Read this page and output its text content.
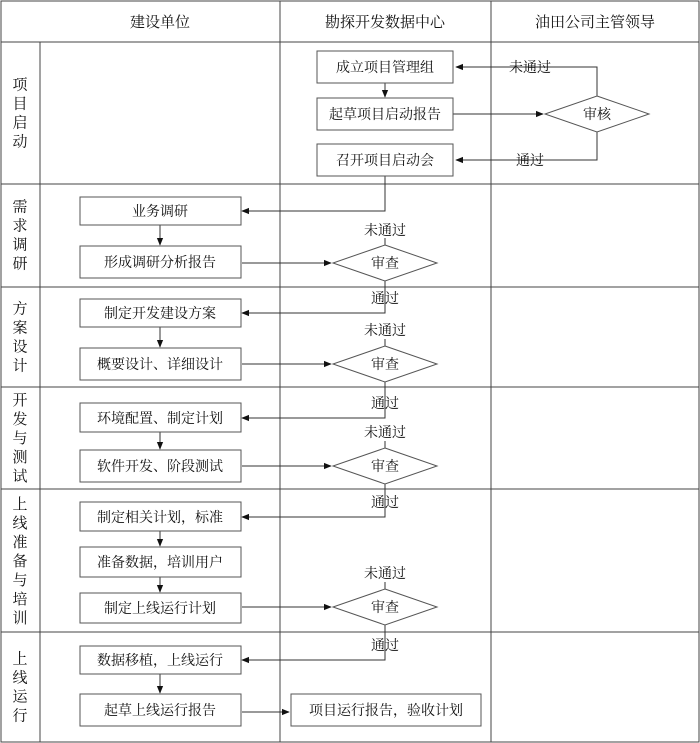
建设单位	勘探开发数据中心	油田公司主管领导
项目启动
需求调研
方案设计
开发与测试
上线准备与培训
上线运行
未通过
通过
未通过
通过
未通过
通过
未通过
通过
未通过
通过
成立项目管理组
起草项目启动报告	审核
召开项目启动会
业务调研
形成调研分析报告	审查
制定开发建设方案
概要设计、详细设计	审查
环境配置、制定计划
软件开发、阶段测试	审查
制定相关计划，标准
准备数据，培训用户
制定上线运行计划	审查
数据移植，上线运行
起草上线运行报告	项目运行报告，验收计划
